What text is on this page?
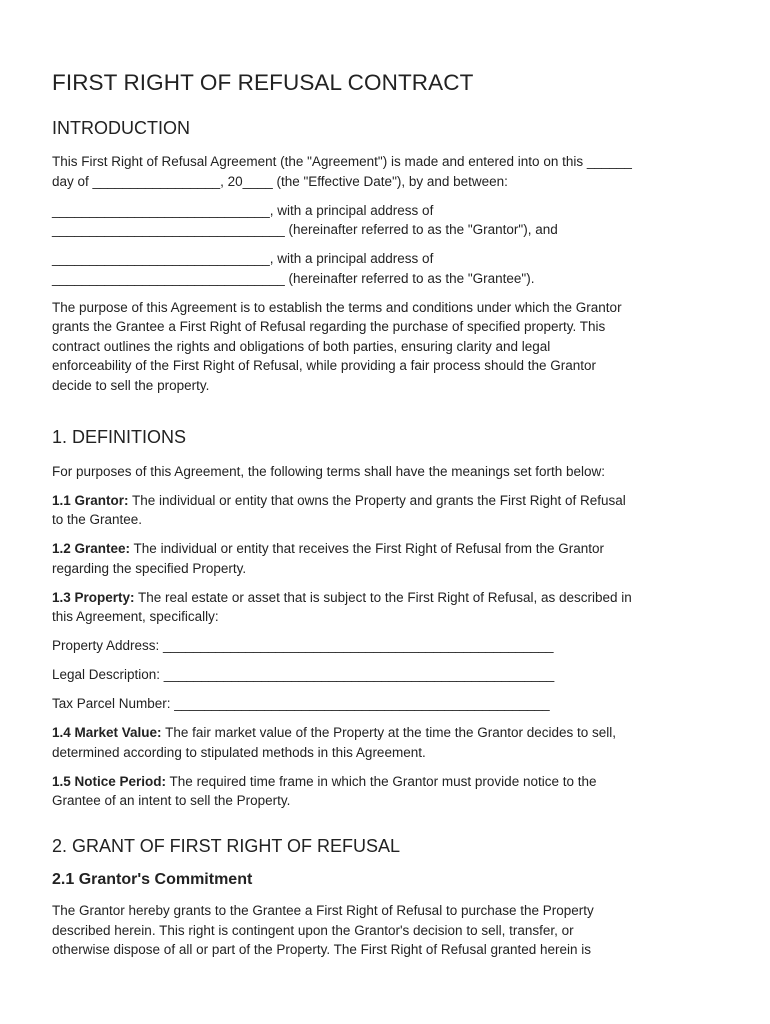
FIRST RIGHT OF REFUSAL CONTRACT
INTRODUCTION

This First Right of Refusal Agreement (the "Agreement") is made and entered into on this ______
day of _________________, 20____ (the "Effective Date"), by and between:

_____________________________, with a principal address of
_______________________________ (hereinafter referred to as the "Grantor"), and

_____________________________, with a principal address of
_______________________________ (hereinafter referred to as the "Grantee").

The purpose of this Agreement is to establish the terms and conditions under which the Grantor
grants the Grantee a First Right of Refusal regarding the purchase of specified property. This
contract outlines the rights and obligations of both parties, ensuring clarity and legal
enforceability of the First Right of Refusal, while providing a fair process should the Grantor
decide to sell the property.

1. DEFINITIONS

For purposes of this Agreement, the following terms shall have the meanings set forth below:

1.1 Grantor: The individual or entity that owns the Property and grants the First Right of Refusal
to the Grantee.

1.2 Grantee: The individual or entity that receives the First Right of Refusal from the Grantor
regarding the specified Property.

1.3 Property: The real estate or asset that is subject to the First Right of Refusal, as described in
this Agreement, specifically:

Property Address: ____________________________________________________

Legal Description: ____________________________________________________

Tax Parcel Number: __________________________________________________

1.4 Market Value: The fair market value of the Property at the time the Grantor decides to sell,
determined according to stipulated methods in this Agreement.

1.5 Notice Period: The required time frame in which the Grantor must provide notice to the
Grantee of an intent to sell the Property.

2. GRANT OF FIRST RIGHT OF REFUSAL
2.1 Grantor's Commitment

The Grantor hereby grants to the Grantee a First Right of Refusal to purchase the Property
described herein. This right is contingent upon the Grantor's decision to sell, transfer, or
otherwise dispose of all or part of the Property. The First Right of Refusal granted herein is
